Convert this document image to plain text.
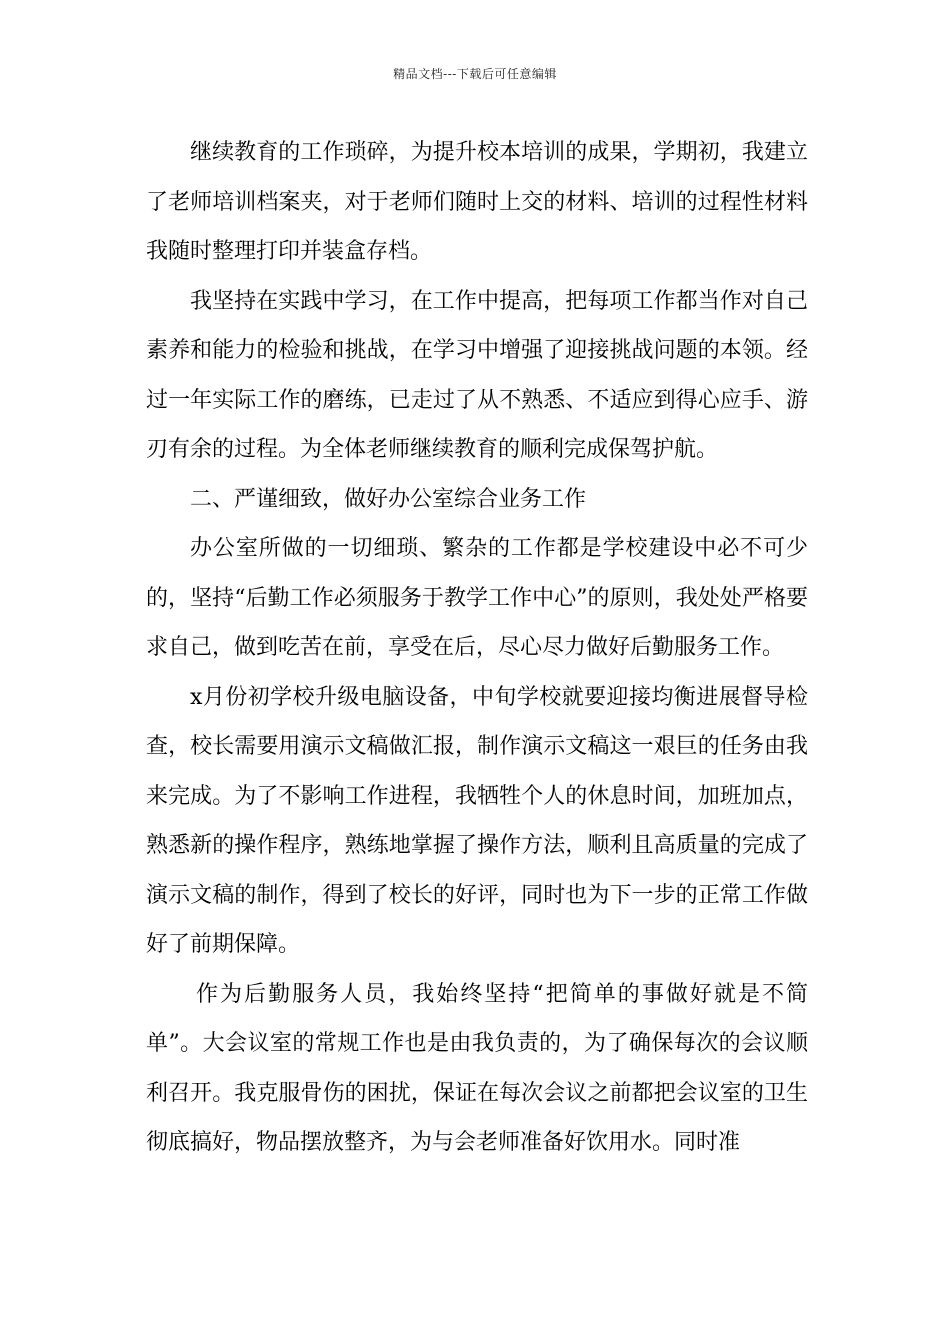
精品文档---下载后可任意编辑

继续教育的工作琐碎，为提升校本培训的成果，学期初，我建立了老师培训档案夹，对于老师们随时上交的材料、培训的过程性材料我随时整理打印并装盒存档。

我坚持在实践中学习，在工作中提高，把每项工作都当作对自己素养和能力的检验和挑战，在学习中增强了迎接挑战问题的本领。经过一年实际工作的磨练，已走过了从不熟悉、不适应到得心应手、游刃有余的过程。为全体老师继续教育的顺利完成保驾护航。

二、严谨细致，做好办公室综合业务工作

办公室所做的一切细琐、繁杂的工作都是学校建设中必不可少的，坚持“后勤工作必须服务于教学工作中心”的原则，我处处严格要求自己，做到吃苦在前，享受在后，尽心尽力做好后勤服务工作。

x月份初学校升级电脑设备，中旬学校就要迎接均衡进展督导检查，校长需要用演示文稿做汇报，制作演示文稿这一艰巨的任务由我来完成。为了不影响工作进程，我牺牲个人的休息时间，加班加点，熟悉新的操作程序，熟练地掌握了操作方法，顺利且高质量的完成了演示文稿的制作，得到了校长的好评，同时也为下一步的正常工作做好了前期保障。

作为后勤服务人员，我始终坚持“把简单的事做好就是不简单”。大会议室的常规工作也是由我负责的，为了确保每次的会议顺利召开。我克服骨伤的困扰，保证在每次会议之前都把会议室的卫生彻底搞好，物品摆放整齐，为与会老师准备好饮用水。同时准
